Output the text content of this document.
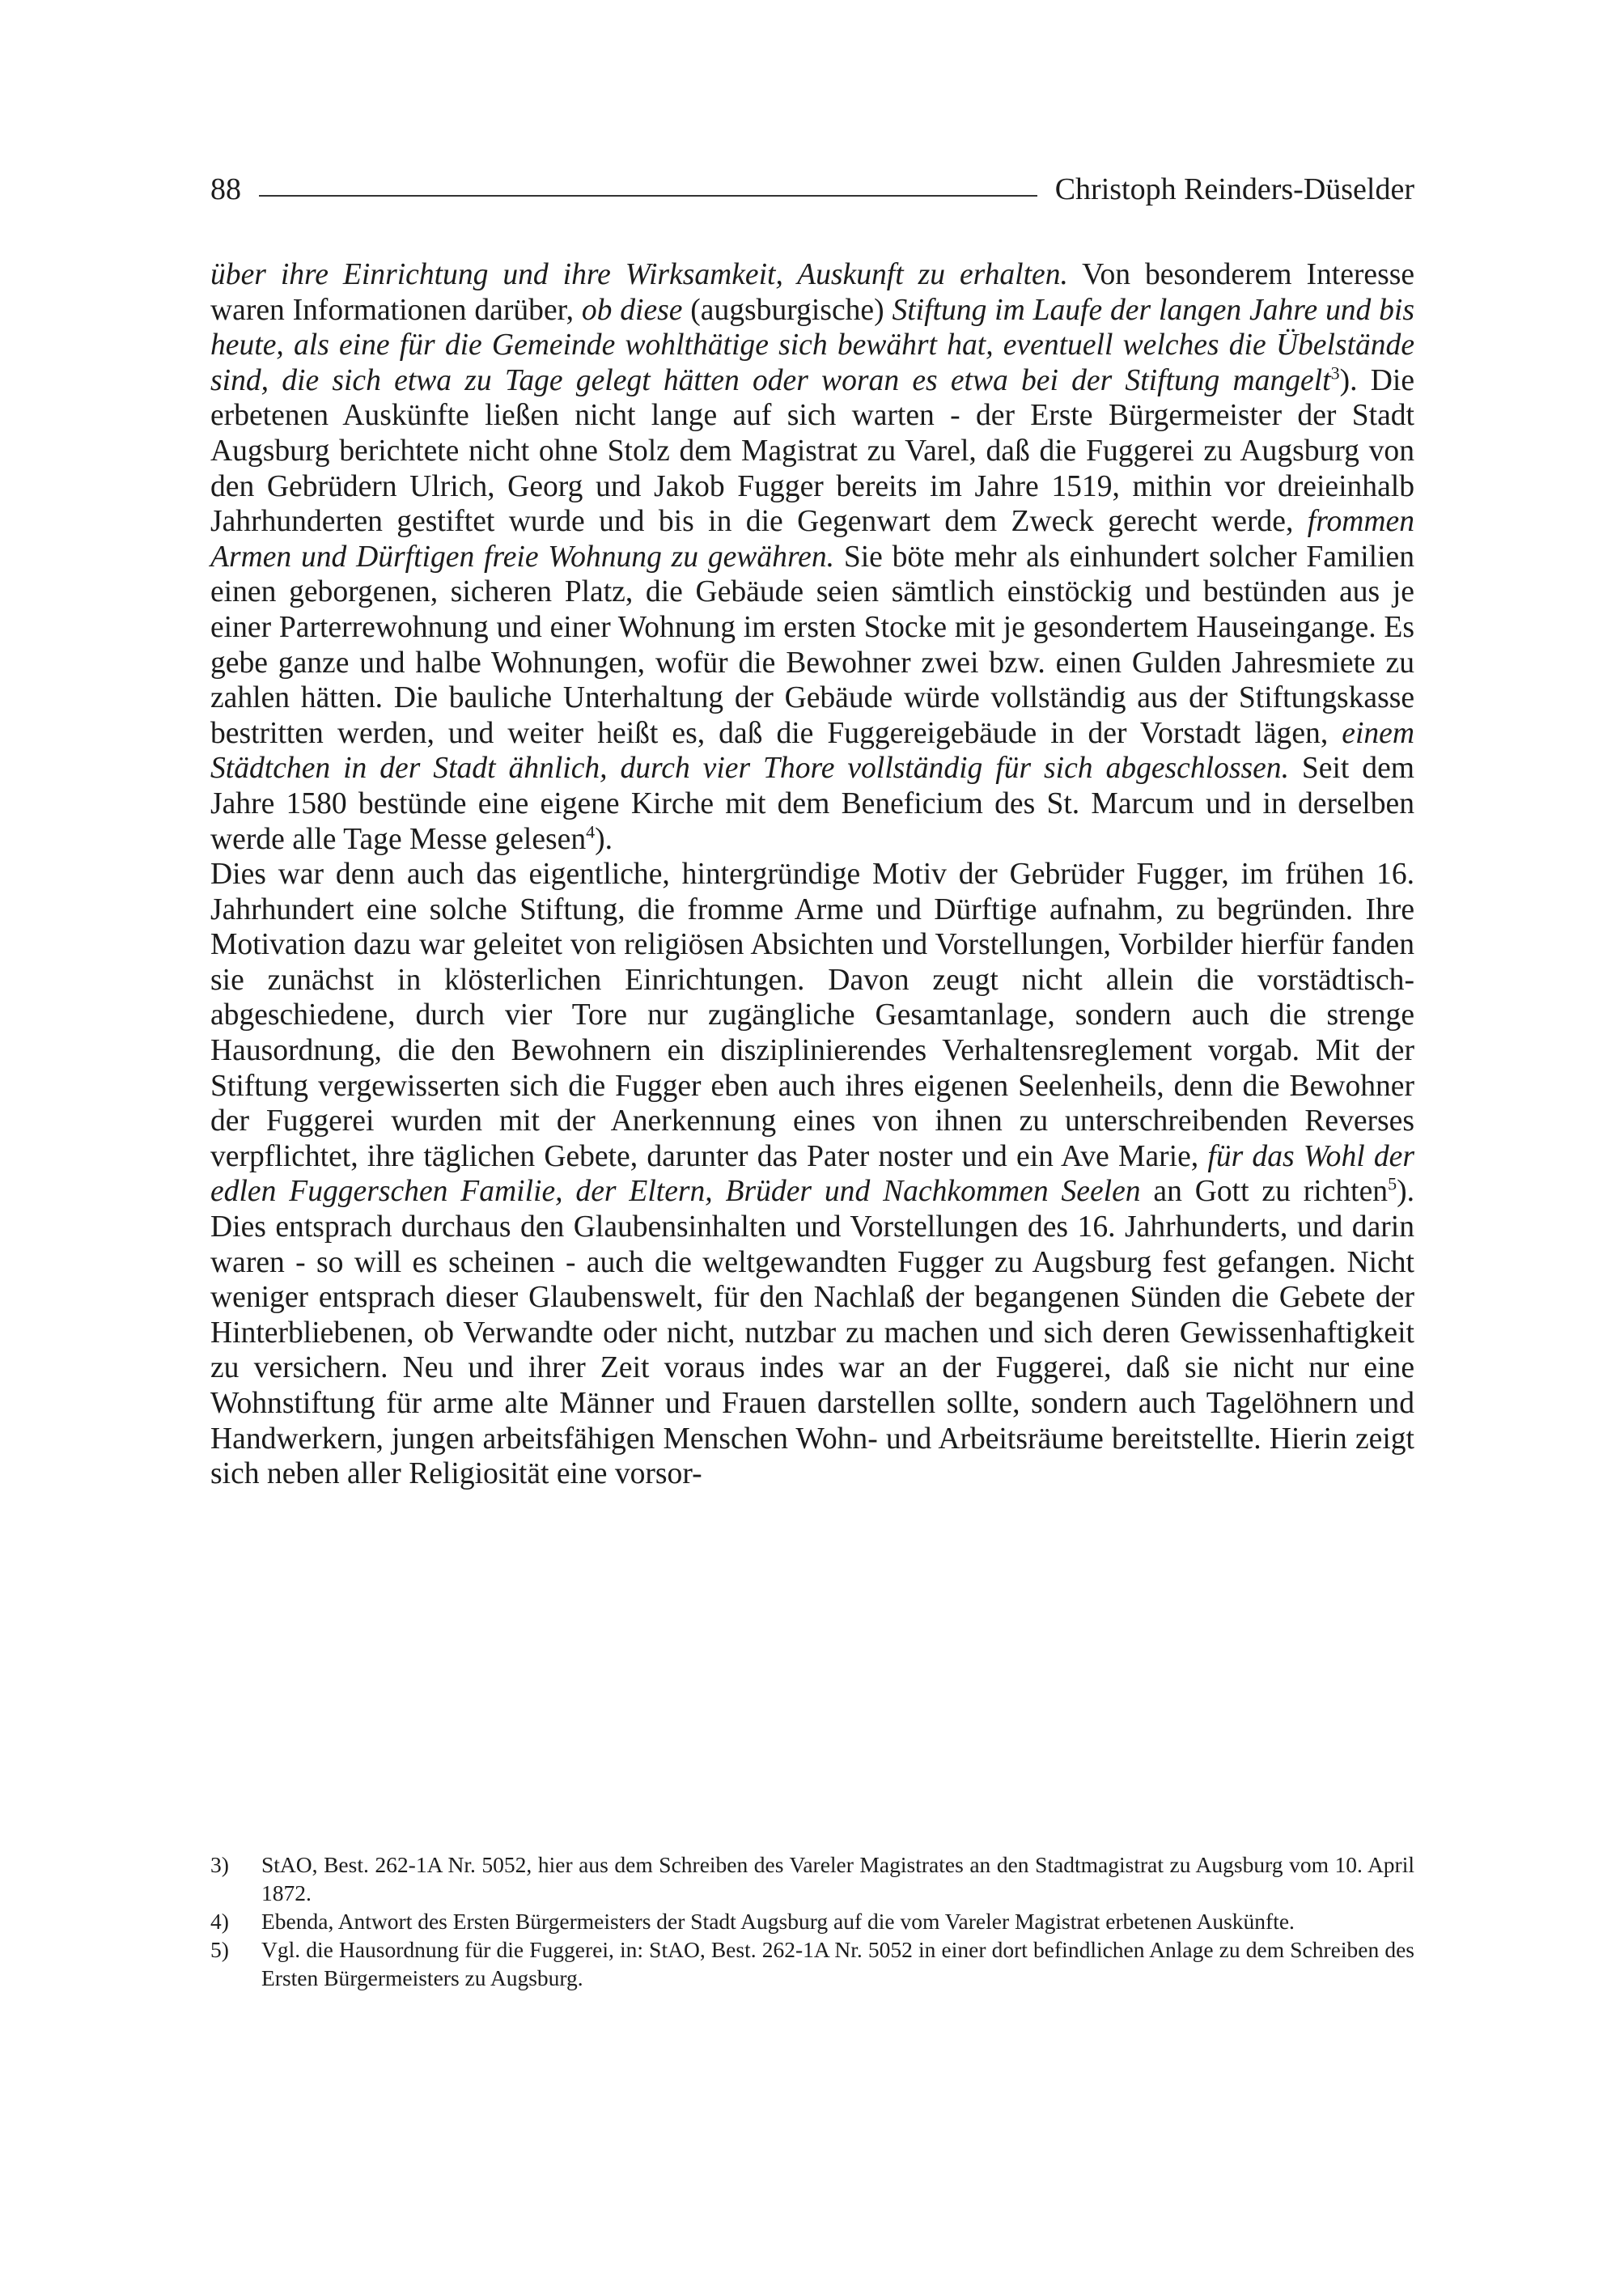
88	Christoph Reinders-Düselder

über ihre Einrichtung und ihre Wirksamkeit, Auskunft zu erhalten. Von besonderem Interesse waren Informationen darüber, ob diese (augsburgische) Stiftung im Laufe der langen Jahre und bis heute, als eine für die Gemeinde wohlthätige sich bewährt hat, eventuell welches die Übelstände sind, die sich etwa zu Tage gelegt hätten oder woran es etwa bei der Stiftung mangelt$^3$). Die erbetenen Auskünfte ließen nicht lange auf sich warten - der Erste Bürgermeister der Stadt Augsburg berichtete nicht ohne Stolz dem Magistrat zu Varel, daß die Fuggerei zu Augsburg von den Gebrüdern Ulrich, Georg und Jakob Fugger bereits im Jahre 1519, mithin vor dreieinhalb Jahrhunderten gestiftet wurde und bis in die Gegenwart dem Zweck gerecht werde, frommen Armen und Dürftigen freie Wohnung zu gewähren. Sie böte mehr als einhundert solcher Familien einen geborgenen, sicheren Platz, die Gebäude seien sämtlich einstöckig und bestünden aus je einer Parterrewohnung und einer Wohnung im ersten Stocke mit je gesondertem Hauseingange. Es gebe ganze und halbe Wohnungen, wofür die Bewohner zwei bzw. einen Gulden Jahresmiete zu zahlen hätten. Die bauliche Unterhaltung der Gebäude würde vollständig aus der Stiftungskasse bestritten werden, und weiter heißt es, daß die Fuggereigebäude in der Vorstadt lägen, einem Städtchen in der Stadt ähnlich, durch vier Thore vollständig für sich abgeschlossen. Seit dem Jahre 1580 bestünde eine eigene Kirche mit dem Beneficium des St. Marcum und in derselben werde alle Tage Messe gelesen$^4$).

Dies war denn auch das eigentliche, hintergründige Motiv der Gebrüder Fugger, im frühen 16. Jahrhundert eine solche Stiftung, die fromme Arme und Dürftige aufnahm, zu begründen. Ihre Motivation dazu war geleitet von religiösen Absichten und Vorstellungen, Vorbilder hierfür fanden sie zunächst in klösterlichen Einrichtungen. Davon zeugt nicht allein die vorstädtisch-abgeschiedene, durch vier Tore nur zugängliche Gesamtanlage, sondern auch die strenge Hausordnung, die den Bewohnern ein disziplinierendes Verhaltensreglement vorgab. Mit der Stiftung vergewisserten sich die Fugger eben auch ihres eigenen Seelenheils, denn die Bewohner der Fuggerei wurden mit der Anerkennung eines von ihnen zu unterschreibenden Reverses verpflichtet, ihre täglichen Gebete, darunter das Pater noster und ein Ave Marie, für das Wohl der edlen Fuggerschen Familie, der Eltern, Brüder und Nachkommen Seelen an Gott zu richten$^5$). Dies entsprach durchaus den Glaubensinhalten und Vorstellungen des 16. Jahrhunderts, und darin waren - so will es scheinen - auch die weltgewandten Fugger zu Augsburg fest gefangen. Nicht weniger entsprach dieser Glaubenswelt, für den Nachlaß der begangenen Sünden die Gebete der Hinterbliebenen, ob Verwandte oder nicht, nutzbar zu machen und sich deren Gewissenhaftigkeit zu versichern. Neu und ihrer Zeit voraus indes war an der Fuggerei, daß sie nicht nur eine Wohnstiftung für arme alte Männer und Frauen darstellen sollte, sondern auch Tagelöhnern und Handwerkern, jungen arbeitsfähigen Menschen Wohn- und Arbeitsräume bereitstellte. Hierin zeigt sich neben aller Religiosität eine vorsor-

3)	StAO, Best. 262-1A Nr. 5052, hier aus dem Schreiben des Vareler Magistrates an den Stadtmagistrat zu Augsburg vom 10. April 1872.
4)	Ebenda, Antwort des Ersten Bürgermeisters der Stadt Augsburg auf die vom Vareler Magistrat erbetenen Auskünfte.
5)	Vgl. die Hausordnung für die Fuggerei, in: StAO, Best. 262-1A Nr. 5052 in einer dort befindlichen Anlage zu dem Schreiben des Ersten Bürgermeisters zu Augsburg.
